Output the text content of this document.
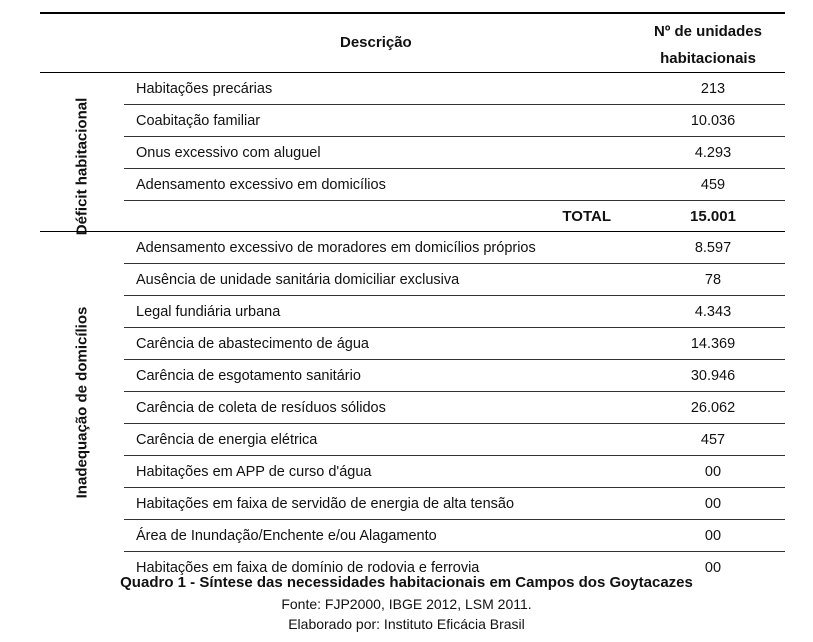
Descrição
Nº de unidades
habitacionais
Déficit habitacional
Habitações precárias	213
Coabitação familiar	10.036
Onus excessivo com aluguel	4.293
Adensamento excessivo em domicílios	459
TOTAL	15.001
Inadequação de domicílios
Adensamento excessivo de moradores em domicílios próprios	8.597
Ausência de unidade sanitária domiciliar exclusiva	78
Legal fundiária urbana	4.343
Carência de abastecimento de água	14.369
Carência de esgotamento sanitário	30.946
Carência de coleta de resíduos sólidos	26.062
Carência de energia elétrica	457
Habitações em APP de curso d'água	00
Habitações em faixa de servidão de energia de alta tensão	00
Área de Inundação/Enchente e/ou Alagamento	00
Habitações em faixa de domínio de rodovia e ferrovia	00
Quadro 1 - Síntese das necessidades habitacionais em Campos dos Goytacazes
Fonte: FJP2000, IBGE 2012, LSM 2011.
Elaborado por: Instituto Eficácia Brasil
